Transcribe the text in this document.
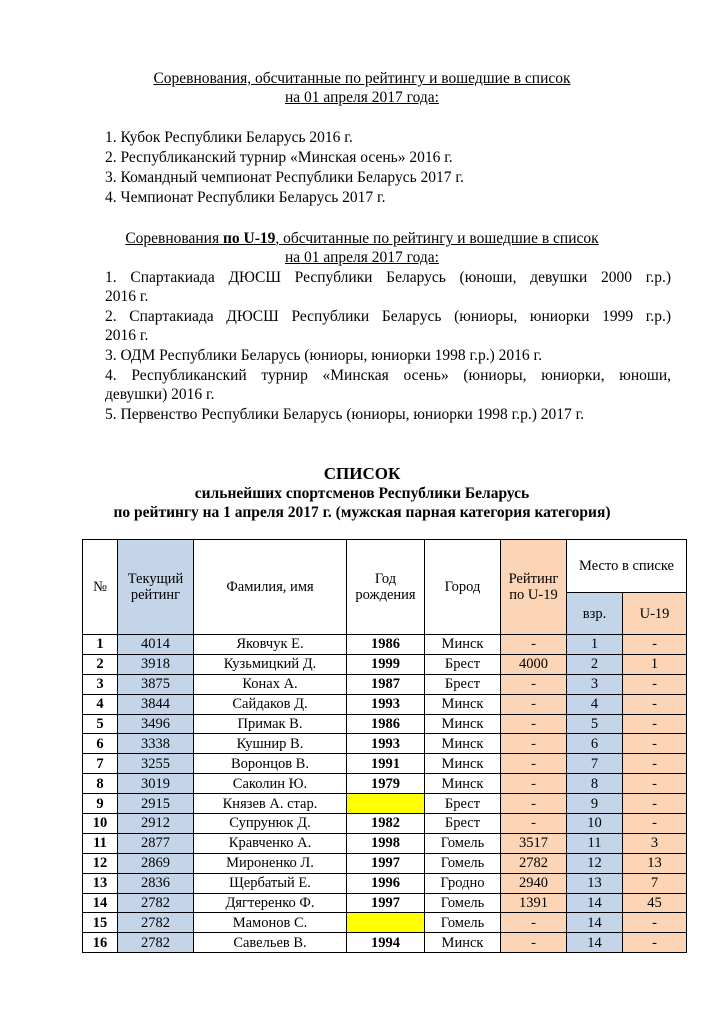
Соревнования, обсчитанные по рейтингу и вошедшие в список
на 01 апреля 2017 года:
1. Кубок Республики Беларусь 2016 г.
2. Республиканский турнир «Минская осень» 2016 г.
3. Командный чемпионат Республики Беларусь 2017 г.
4. Чемпионат Республики Беларусь 2017 г.
Соревнования по U-19, обсчитанные по рейтингу и вошедшие в список
на 01 апреля 2017 года:
1. Спартакиада ДЮСШ Республики Беларусь (юноши, девушки 2000 г.р.)
2016 г.
2. Спартакиада ДЮСШ Республики Беларусь (юниоры, юниорки 1999 г.р.)
2016 г.
3. ОДМ Республики Беларусь (юниоры, юниорки 1998 г.р.) 2016 г.
4. Республиканский турнир «Минская осень» (юниоры, юниорки, юноши,
девушки) 2016 г.
5. Первенство Республики Беларусь (юниоры, юниорки 1998 г.р.) 2017 г.
СПИСОК
сильнейших спортсменов Республики Беларусь
по рейтингу на 1 апреля 2017 г. (мужская парная категория категория)
№	Текущий рейтинг	Фамилия, имя	Год рождения	Город	Рейтинг по U-19	Место в списке	
						взр.	U-19
1	4014	Яковчук Е.	1986	Минск	-	1	-
2	3918	Кузьмицкий Д.	1999	Брест	4000	2	1
3	3875	Конах А.	1987	Брест	-	3	-
4	3844	Сайдаков Д.	1993	Минск	-	4	-
5	3496	Примак В.	1986	Минск	-	5	-
6	3338	Кушнир В.	1993	Минск	-	6	-
7	3255	Воронцов В.	1991	Минск	-	7	-
8	3019	Саколин Ю.	1979	Минск	-	8	-
9	2915	Князев А. стар.		Брест	-	9	-
10	2912	Супрунюк Д.	1982	Брест	-	10	-
11	2877	Кравченко А.	1998	Гомель	3517	11	3
12	2869	Мироненко Л.	1997	Гомель	2782	12	13
13	2836	Щербатый Е.	1996	Гродно	2940	13	7
14	2782	Дягтеренко Ф.	1997	Гомель	1391	14	45
15	2782	Мамонов С.		Гомель	-	14	-
16	2782	Савельев В.	1994	Минск	-	14	-
